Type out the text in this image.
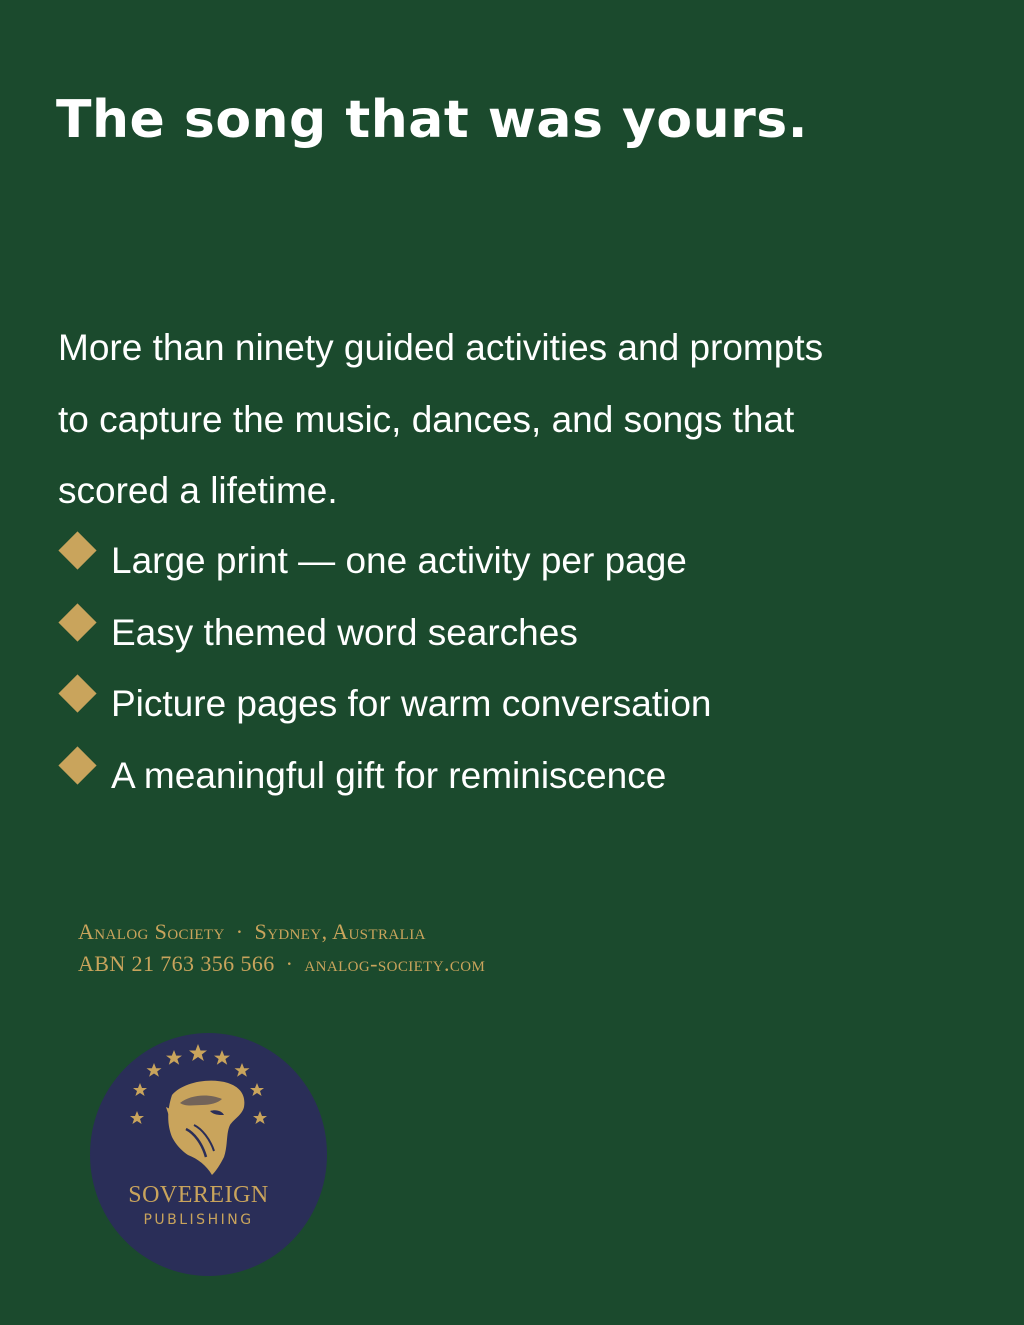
The song that was yours.

More than ninety guided activities and prompts to capture the music, dances, and songs that scored a lifetime.

Large print — one activity per page
Easy themed word searches
Picture pages for warm conversation
A meaningful gift for reminiscence
Analog Society · Sydney, Australia
ABN 21 763 356 566 · analog-society.com
SOVEREIGN
PUBLISHING
